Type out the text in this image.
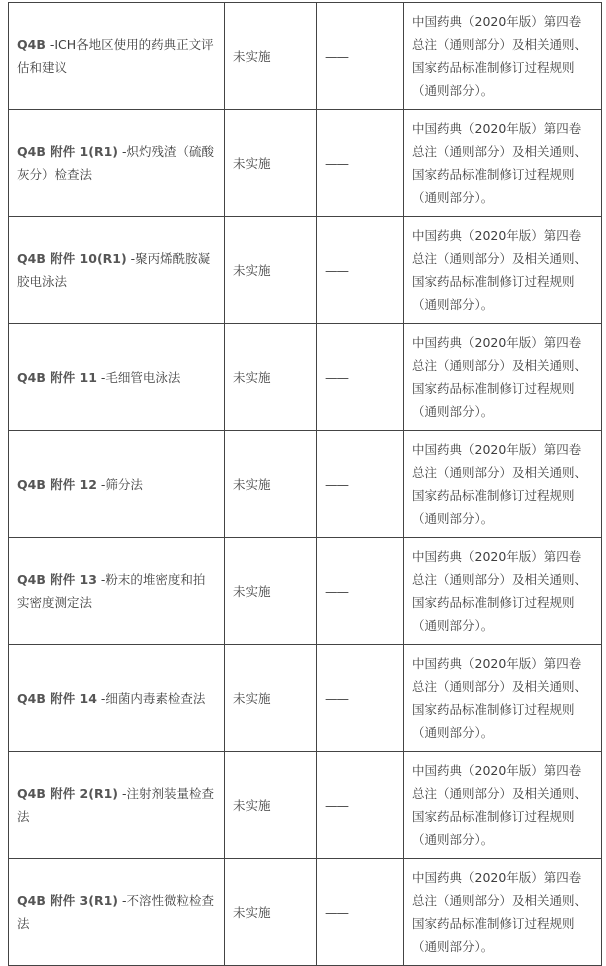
Q4B -ICH各地区使用的药典正文评估和建议	未实施	——	中国药典（2020年版）第四卷总注（通则部分）及相关通则、国家药品标准制修订过程规则（通则部分）。
Q4B 附件 1(R1) -炽灼残渣（硫酸灰分）检查法	未实施	——	中国药典（2020年版）第四卷总注（通则部分）及相关通则、国家药品标准制修订过程规则（通则部分）。
Q4B 附件 10(R1) -聚丙烯酰胺凝胶电泳法	未实施	——	中国药典（2020年版）第四卷总注（通则部分）及相关通则、国家药品标准制修订过程规则（通则部分）。
Q4B 附件 11 -毛细管电泳法	未实施	——	中国药典（2020年版）第四卷总注（通则部分）及相关通则、国家药品标准制修订过程规则（通则部分）。
Q4B 附件 12 -筛分法	未实施	——	中国药典（2020年版）第四卷总注（通则部分）及相关通则、国家药品标准制修订过程规则（通则部分）。
Q4B 附件 13 -粉末的堆密度和拍实密度测定法	未实施	——	中国药典（2020年版）第四卷总注（通则部分）及相关通则、国家药品标准制修订过程规则（通则部分）。
Q4B 附件 14 -细菌内毒素检查法	未实施	——	中国药典（2020年版）第四卷总注（通则部分）及相关通则、国家药品标准制修订过程规则（通则部分）。
Q4B 附件 2(R1) -注射剂装量检查法	未实施	——	中国药典（2020年版）第四卷总注（通则部分）及相关通则、国家药品标准制修订过程规则（通则部分）。
Q4B 附件 3(R1) -不溶性微粒检查法	未实施	——	中国药典（2020年版）第四卷总注（通则部分）及相关通则、国家药品标准制修订过程规则（通则部分）。
